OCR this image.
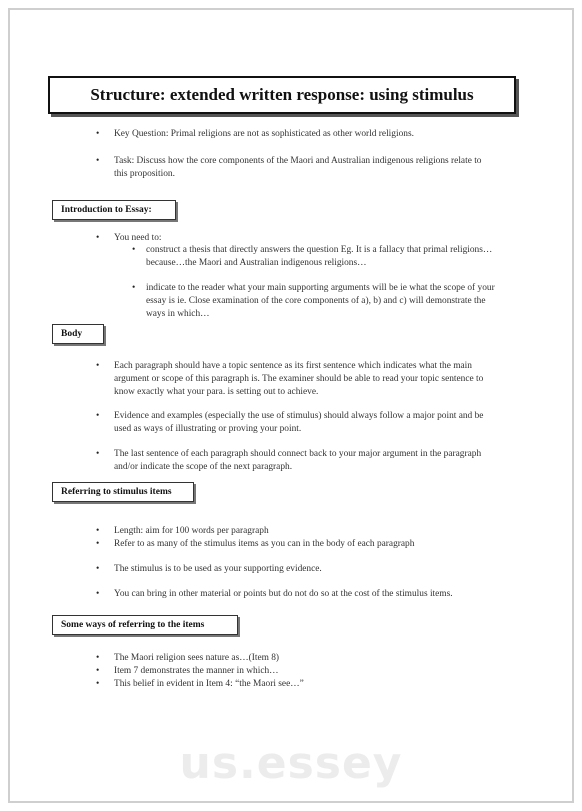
Structure: extended written response: using stimulus
• Key Question: Primal religions are not as sophisticated as other world religions.
• Task: Discuss how the core components of the Maori and Australian indigenous religions relate to this proposition.
Introduction to Essay:
• You need to:
• construct a thesis that directly answers the question Eg. It is a fallacy that primal religions…because…the Maori and Australian indigenous religions…
• indicate to the reader what your main supporting arguments will be ie what the scope of your essay is ie. Close examination of the core components of a), b) and c) will demonstrate the ways in which…
Body
• Each paragraph should have a topic sentence as its first sentence which indicates what the main argument or scope of this paragraph is. The examiner should be able to read your topic sentence to know exactly what your para. is setting out to achieve.
• Evidence and examples (especially the use of stimulus) should always follow a major point and be used as ways of illustrating or proving your point.
• The last sentence of each paragraph should connect back to your major argument in the paragraph and/or indicate the scope of the next paragraph.
Referring to stimulus items
• Length: aim for 100 words per paragraph
• Refer to as many of the stimulus items as you can in the body of each paragraph
• The stimulus is to be used as your supporting evidence.
• You can bring in other material or points but do not do so at the cost of the stimulus items.
Some ways of referring to the items
• The Maori religion sees nature as…(Item 8)
• Item 7 demonstrates the manner in which…
• This belief in evident in Item 4: “the Maori see…”
us.essey
